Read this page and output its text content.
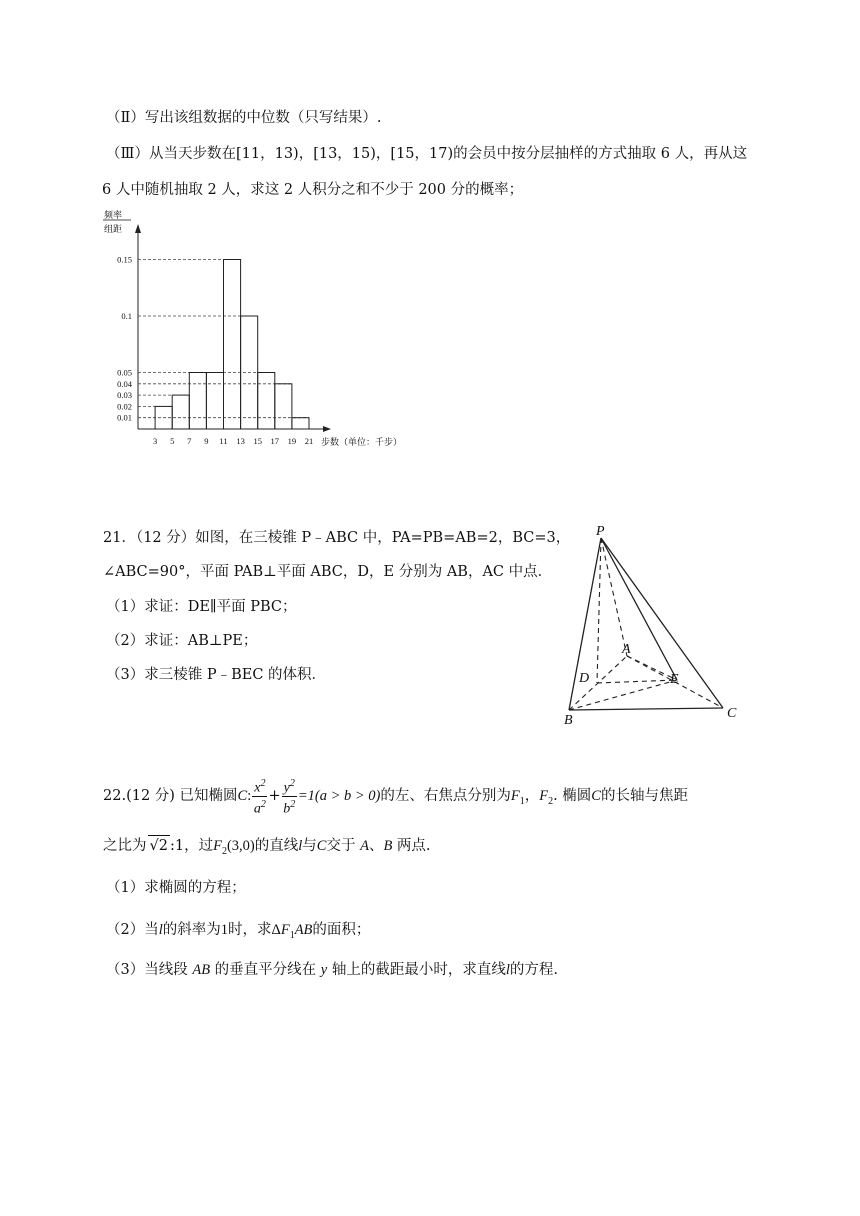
（Ⅱ）写出该组数据的中位数（只写结果）.
（Ⅲ）从当天步数在[11，13)，[13，15)，[15，17)的会员中按分层抽样的方式抽取 6 人，再从这
6 人中随机抽取 2 人，求这 2 人积分之和不少于 200 分的概率；
0.15
0.1
0.05
0.04
0.03
0.02
0.01
3 5 7 9 11 13 15 17 19 21 步数（单位：千步）
频率
组距
21．（12 分）如图，在三棱锥 P﹣ABC 中，PA=PB=AB=2，BC=3，
∠ABC=90°，平面 PAB⊥平面 ABC，D，E 分别为 AB，AC 中点．
（1）求证：DE∥平面 PBC；
（2）求证：AB⊥PE；
（3）求三棱锥 P﹣BEC 的体积．
P
A
D	E
B	C
22.(12 分) 已知椭圆C: $\frac{x^2}{a^2} + \frac{y^2}{b^2} =1(a > b > 0)$的左、右焦点分别为$F_1$，$F_2$. 椭圆C的长轴与焦距
之比为 √2 :1，过$F_2(3,0)$的直线l与C交于 A、B 两点.
（1）求椭圆的方程；
（2）当l的斜率为1时，求$\Delta F_1AB$的面积；
（3）当线段 AB 的垂直平分线在 y 轴上的截距最小时，求直线l的方程.
